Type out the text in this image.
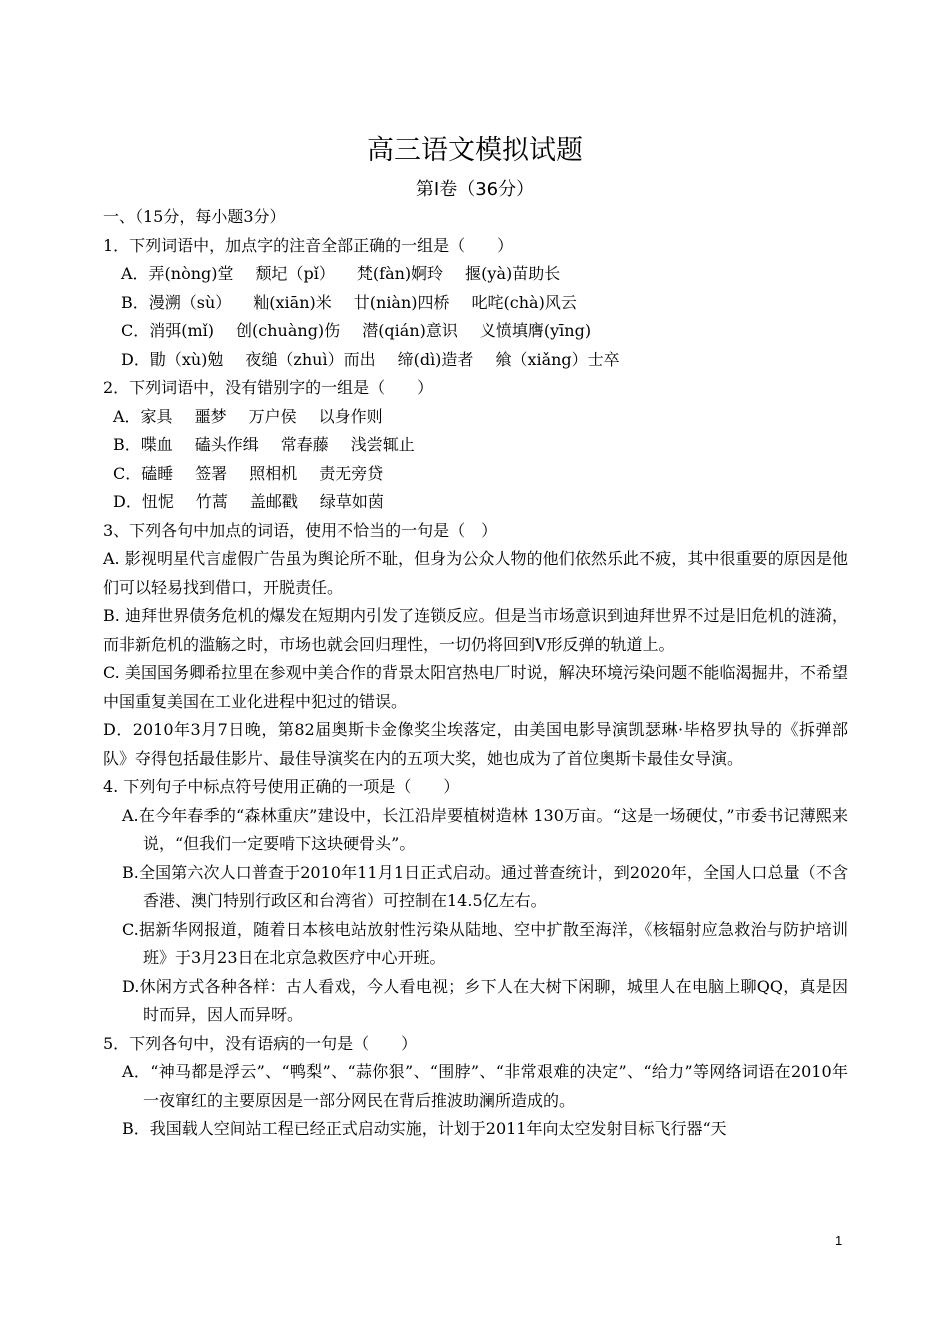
高三语文模拟试题
第Ⅰ卷（36分）
一、（15分，每小题3分）
1．下列词语中，加点字的注音全部正确的一组是（　　）
A．弄(nòng)堂 颓圮（pǐ） 梵(fàn)婀玲 揠(yà)苗助长
B．漫溯（sù） 籼(xiān)米 廿(niàn)四桥 叱咤(chà)风云
C．消弭(mǐ) 创(chuàng)伤 潜(qián)意识 义愤填膺(yīng)
D．勖（xù)勉 夜缒（zhuì）而出 缔(dì)造者 飨（xiǎng）士卒
2．下列词语中，没有错别字的一组是（　　）
A．家具 噩梦 万户侯 以身作则
B．喋血 磕头作缉 常春藤 浅尝辄止
C．磕睡 签署 照相机 责无旁贷
D．忸怩 竹蒿 盖邮戳 绿草如茵
3、下列各句中加点的词语，使用不恰当的一句是（　）
A. 影视明星代言虚假广告虽为舆论所不耻，但身为公众人物的他们依然乐此不疲，其中很重要的原因是他们可以轻易找到借口，开脱责任。
B. 迪拜世界债务危机的爆发在短期内引发了连锁反应。但是当市场意识到迪拜世界不过是旧危机的涟漪，而非新危机的滥觞之时，市场也就会回归理性，一切仍将回到V形反弹的轨道上。
C. 美国国务卿希拉里在参观中美合作的背景太阳宫热电厂时说，解决环境污染问题不能临渴掘井，不希望中国重复美国在工业化进程中犯过的错误。
D．2010年3月7日晚，第82届奥斯卡金像奖尘埃落定，由美国电影导演凯瑟琳·毕格罗执导的《拆弹部队》夺得包括最佳影片、最佳导演奖在内的五项大奖，她也成为了首位奥斯卡最佳女导演。
4. 下列句子中标点符号使用正确的一项是（　　）
A.在今年春季的“森林重庆”建设中，长江沿岸要植树造林 130万亩。“这是一场硬仗，”市委书记薄熙来说，“但我们一定要啃下这块硬骨头”。
B.全国第六次人口普查于2010年11月1日正式启动。通过普查统计，到2020年，全国人口总量（不含香港、澳门特别行政区和台湾省）可控制在14.5亿左右。
C.据新华网报道，随着日本核电站放射性污染从陆地、空中扩散至海洋，《核辐射应急救治与防护培训班》于3月23日在北京急救医疗中心开班。
D.休闲方式各种各样：古人看戏，今人看电视；乡下人在大树下闲聊，城里人在电脑上聊QQ，真是因时而异，因人而异呀。
5．下列各句中，没有语病的一句是（　　）
A．“神马都是浮云”、“鸭梨”、“蒜你狠”、“围脖”、“非常艰难的决定”、“给力”等网络词语在2010年一夜窜红的主要原因是一部分网民在背后推波助澜所造成的。
B．我国载人空间站工程已经正式启动实施，计划于2011年向太空发射目标飞行器“天
1
